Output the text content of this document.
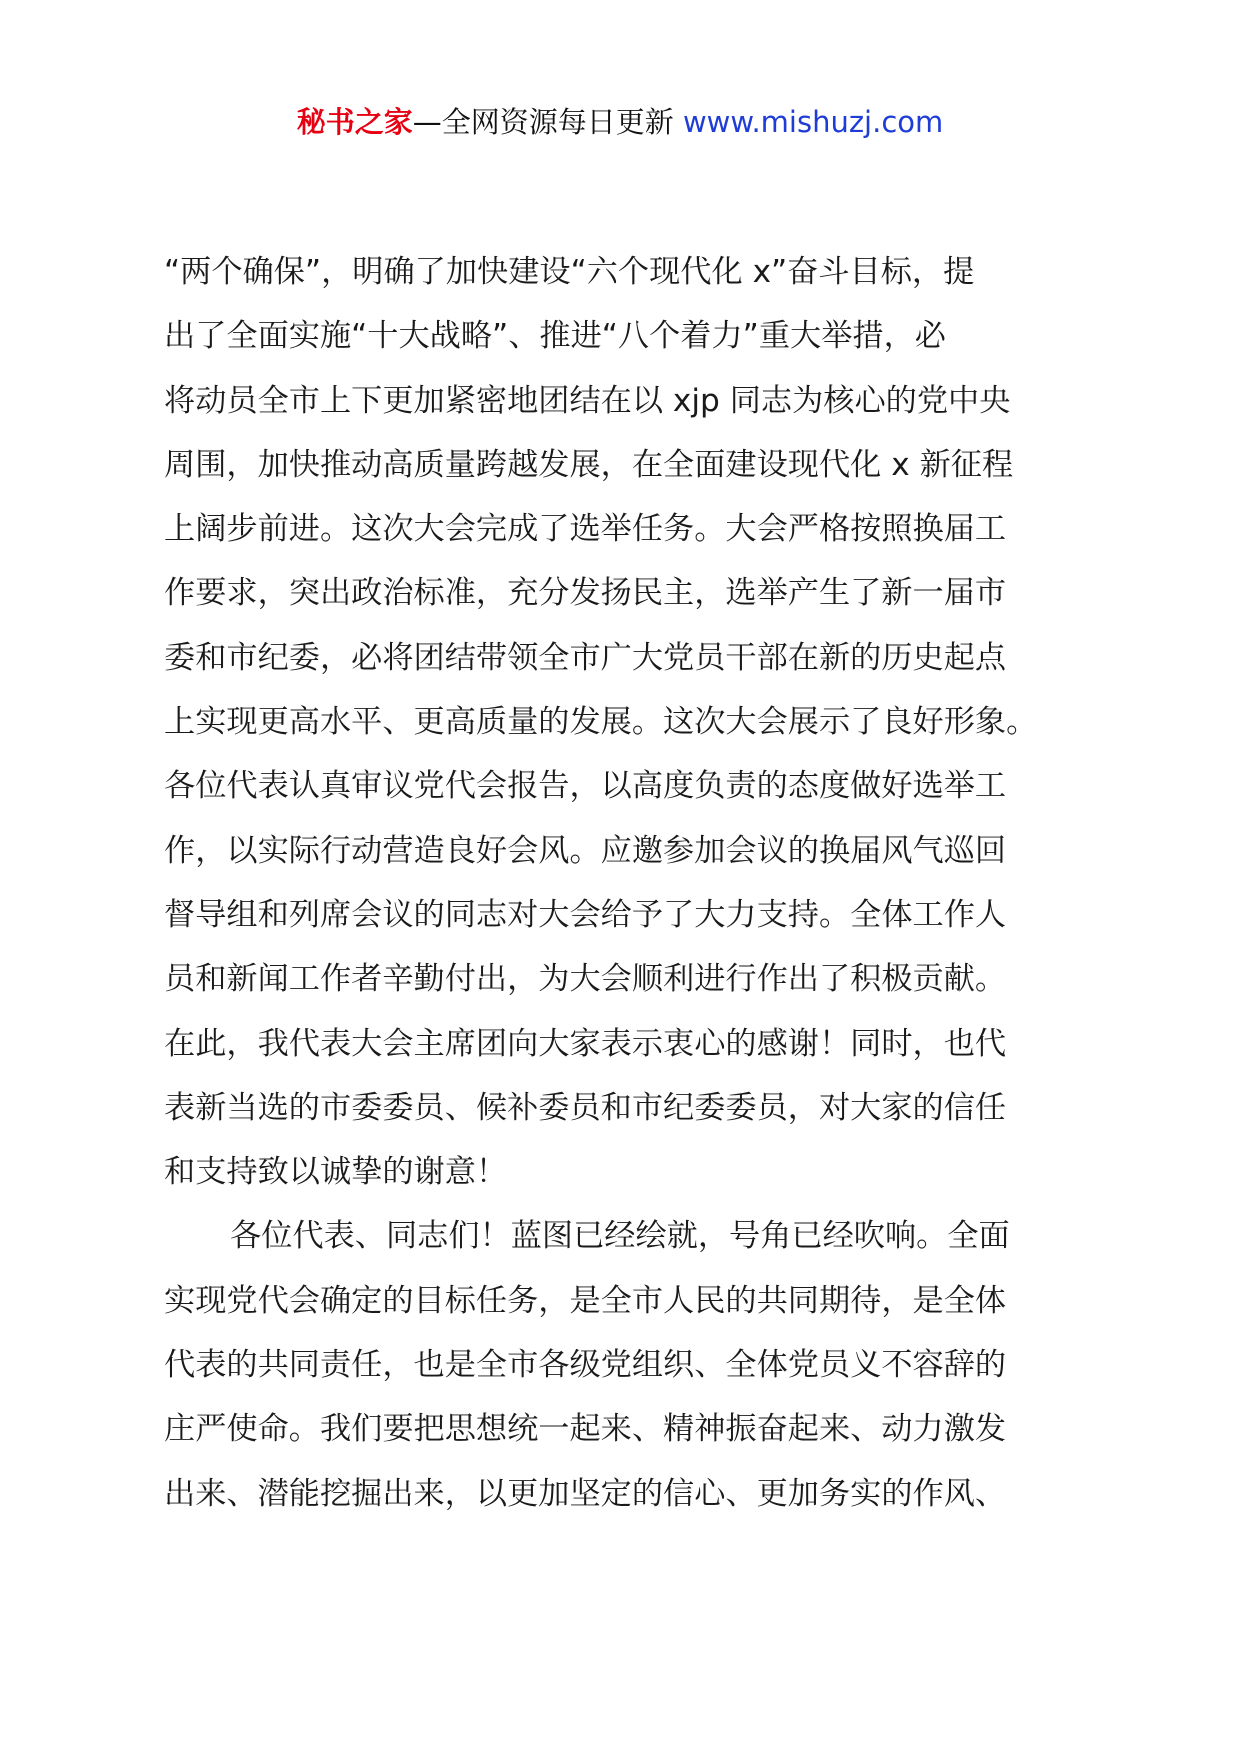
秘书之家—全网资源每日更新 www.mishuzj.com
“两个确保”，明确了加快建设“六个现代化 x”奋斗目标，提
出了全面实施“十大战略”、推进“八个着力”重大举措，必
将动员全市上下更加紧密地团结在以 xjp 同志为核心的党中央
周围，加快推动高质量跨越发展，在全面建设现代化 x 新征程
上阔步前进。这次大会完成了选举任务。大会严格按照换届工
作要求，突出政治标准，充分发扬民主，选举产生了新一届市
委和市纪委，必将团结带领全市广大党员干部在新的历史起点
上实现更高水平、更高质量的发展。这次大会展示了良好形象。
各位代表认真审议党代会报告，以高度负责的态度做好选举工
作，以实际行动营造良好会风。应邀参加会议的换届风气巡回
督导组和列席会议的同志对大会给予了大力支持。全体工作人
员和新闻工作者辛勤付出，为大会顺利进行作出了积极贡献。
在此，我代表大会主席团向大家表示衷心的感谢！同时，也代
表新当选的市委委员、候补委员和市纪委委员，对大家的信任
和支持致以诚挚的谢意！
各位代表、同志们！蓝图已经绘就，号角已经吹响。全面
实现党代会确定的目标任务，是全市人民的共同期待，是全体
代表的共同责任，也是全市各级党组织、全体党员义不容辞的
庄严使命。我们要把思想统一起来、精神振奋起来、动力激发
出来、潜能挖掘出来，以更加坚定的信心、更加务实的作风、
